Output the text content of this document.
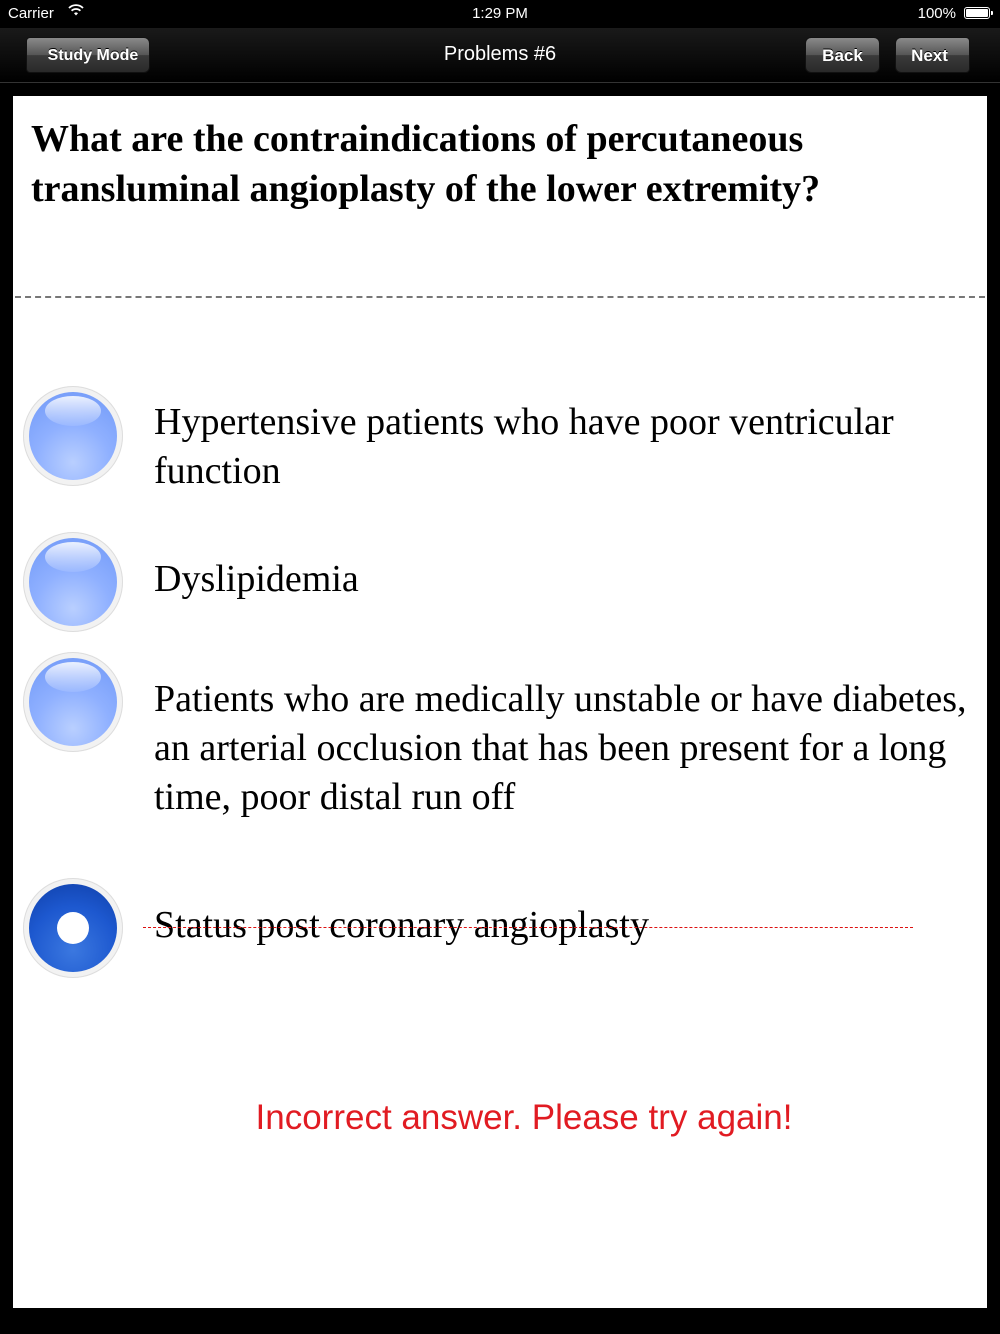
Carrier	1:29 PM	100%
Study Mode	Problems #6	Back	Next
What are the contraindications of percutaneous transluminal angioplasty of the lower extremity?
Hypertensive patients who have poor ventricular function
Dyslipidemia
Patients who are medically unstable or have diabetes, an arterial occlusion that has been present for a long time, poor distal run off
Status post coronary angioplasty
Incorrect answer. Please try again!
